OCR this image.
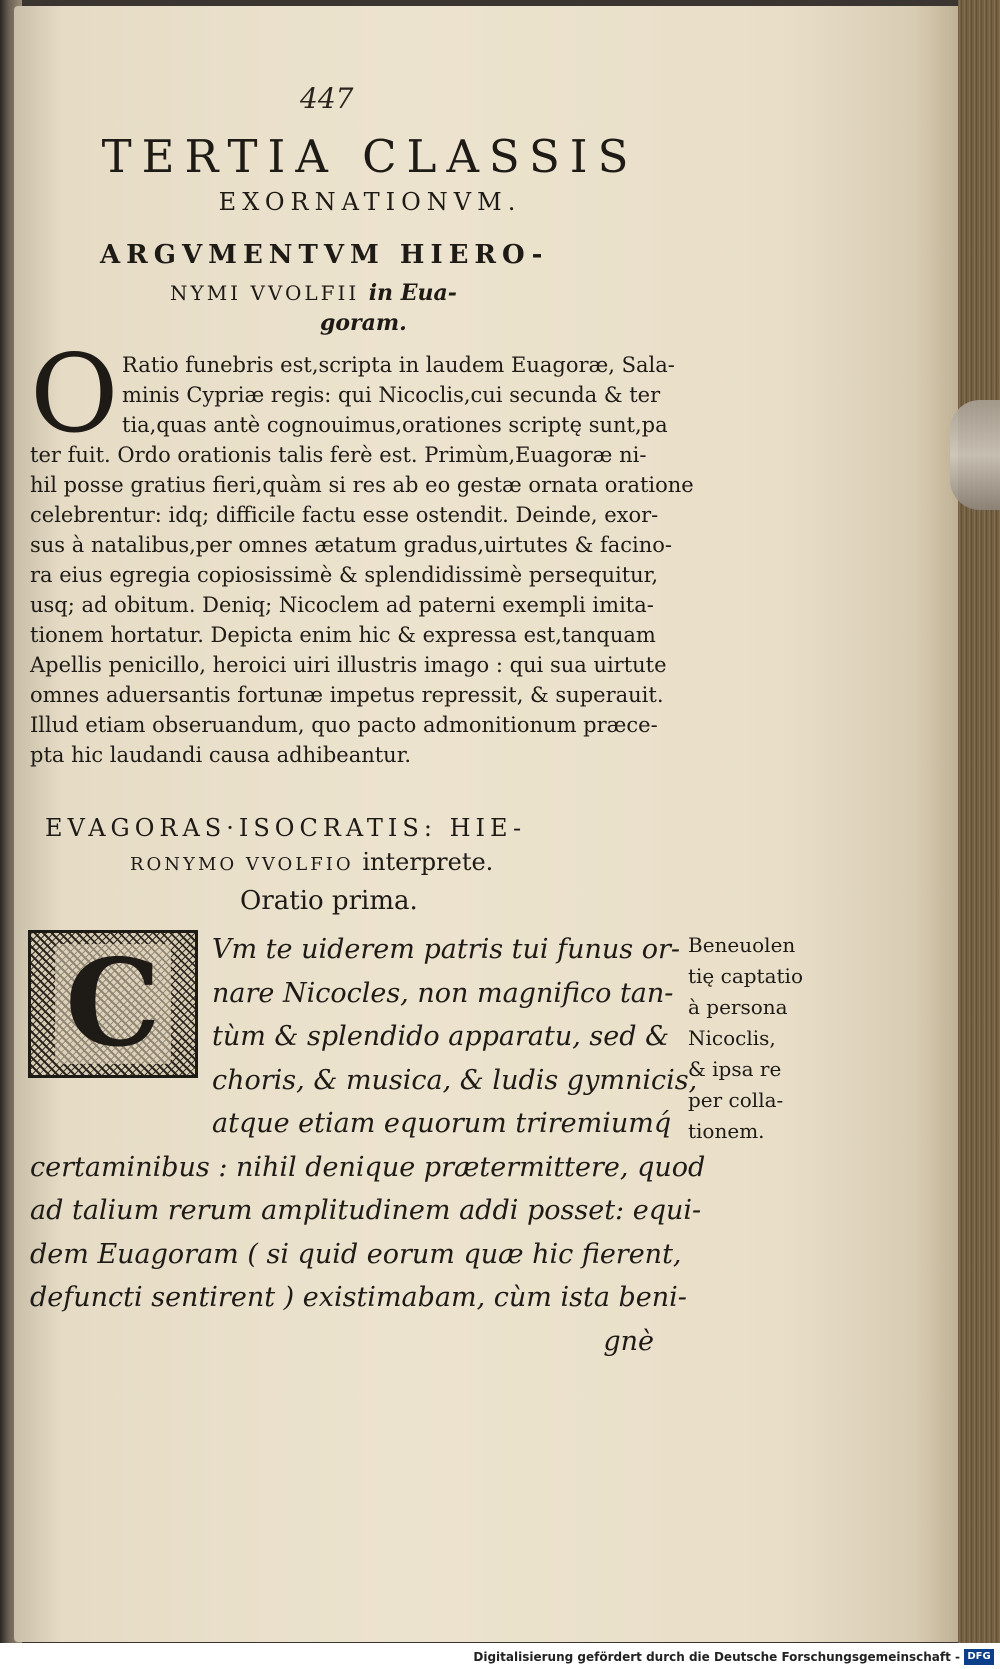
447
TERTIA CLASSIS
EXORNATIONVM.
ARGVMENTVM HIERO-
NYMI VVOLFII in Eua-
goram.
O Ratio funebris est,scripta in laudem Euagoræ, Sala-
minis Cypriæ regis: qui Nicoclis,cui secunda & ter
tia,quas antè cognouimus,orationes scriptę sunt,pa
ter fuit. Ordo orationis talis ferè est. Primùm,Euagoræ ni-
hil posse gratius fieri,quàm si res ab eo gestæ ornata oratione
celebrentur: idq; difficile factu esse ostendit. Deinde, exor-
sus à natalibus,per omnes ætatum gradus,uirtutes & facino-
ra eius egregia copiosissimè & splendidissimè persequitur,
usq; ad obitum. Deniq; Nicoclem ad paterni exempli imita-
tionem hortatur. Depicta enim hic & expressa est,tanquam
Apellis penicillo, heroici uiri illustris imago : qui sua uirtute
omnes aduersantis fortunæ impetus repressit, & superauit.
Illud etiam obseruandum, quo pacto admonitionum præce-
pta hic laudandi causa adhibeantur.
EVAGORAS·ISOCRATIS: HIE-
RONYMO VVOLFIO interprete.
Oratio prima.
C	Vm te uiderem patris tui funus or-
nare Nicocles, non magnifico tan-
tùm & splendido apparatu, sed &
choris, & musica, & ludis gymnicis,
atque etiam equorum triremiumq́
certaminibus : nihil denique prætermittere, quod
ad talium rerum amplitudinem addi posset: equi-
dem Euagoram ( si quid eorum quæ hic fierent,
defuncti sentirent ) existimabam, cùm ista beni-
gnè
Beneuolen
tię captatio
à persona
Nicoclis,
& ipsa re
per colla-
tionem.
Digitalisierung gefördert durch die Deutsche Forschungsgemeinschaft - DFG
